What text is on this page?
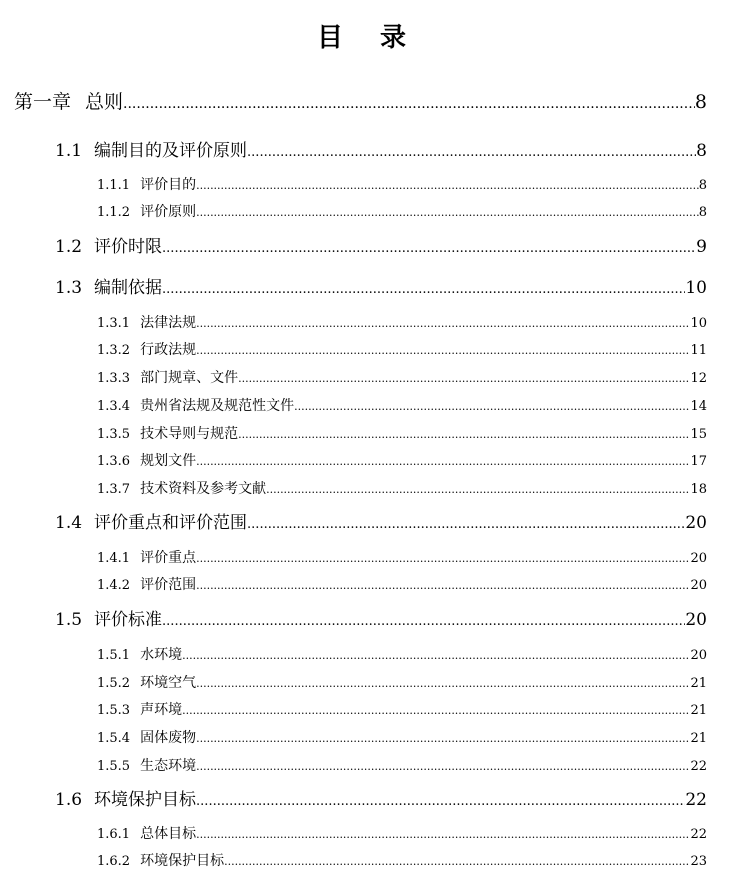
目 录
第一章 总则 .....	8
1.1 编制目的及评价原则 .....	8
1.1.1 评价目的 .....	8
1.1.2 评价原则 .....	8
1.2 评价时限 .....	9
1.3 编制依据 .....	10
1.3.1 法律法规 .....	10
1.3.2 行政法规 .....	11
1.3.3 部门规章、文件 .....	12
1.3.4 贵州省法规及规范性文件 .....	14
1.3.5 技术导则与规范 .....	15
1.3.6 规划文件 .....	17
1.3.7 技术资料及参考文献 .....	18
1.4 评价重点和评价范围 .....	20
1.4.1 评价重点 .....	20
1.4.2 评价范围 .....	20
1.5 评价标准 .....	20
1.5.1 水环境 .....	20
1.5.2 环境空气 .....	21
1.5.3 声环境 .....	21
1.5.4 固体废物 .....	21
1.5.5 生态环境 .....	22
1.6 环境保护目标 .....	22
1.6.1 总体目标 .....	22
1.6.2 环境保护目标 .....	23
